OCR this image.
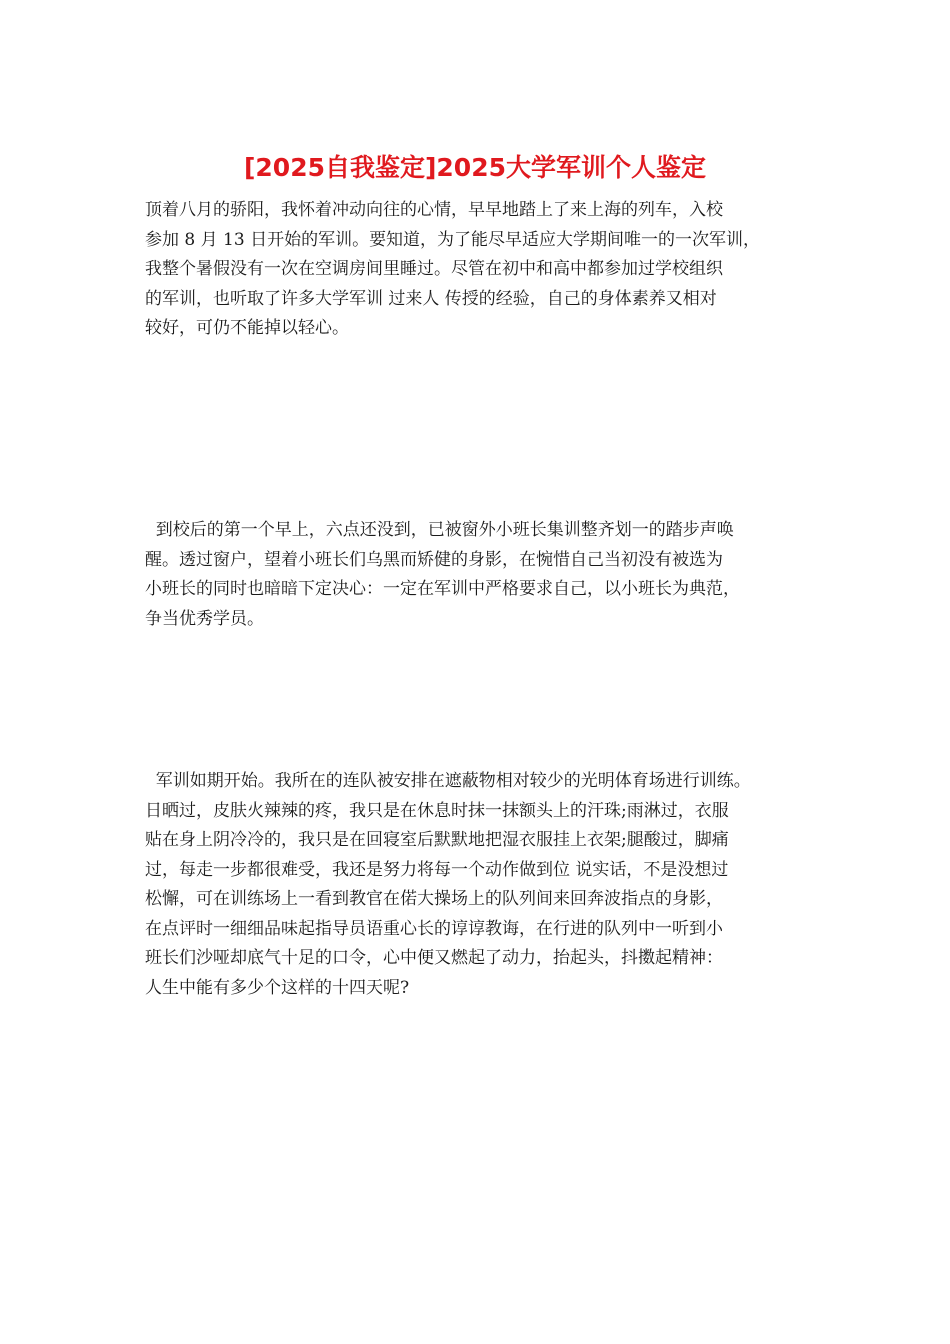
[2025自我鉴定]2025大学军训个人鉴定
顶着八月的骄阳，我怀着冲动向往的心情，早早地踏上了来上海的列车，入校
参加 8 月 13 日开始的军训。要知道，为了能尽早适应大学期间唯一的一次军训，
我整个暑假没有一次在空调房间里睡过。尽管在初中和高中都参加过学校组织
的军训，也听取了许多大学军训 过来人 传授的经验，自己的身体素养又相对
较好，可仍不能掉以轻心。
到校后的第一个早上，六点还没到，已被窗外小班长集训整齐划一的踏步声唤
醒。透过窗户，望着小班长们乌黑而矫健的身影，在惋惜自己当初没有被选为
小班长的同时也暗暗下定决心：一定在军训中严格要求自己，以小班长为典范，
争当优秀学员。
军训如期开始。我所在的连队被安排在遮蔽物相对较少的光明体育场进行训练。
日晒过，皮肤火辣辣的疼，我只是在休息时抹一抹额头上的汗珠;雨淋过，衣服
贴在身上阴冷冷的，我只是在回寝室后默默地把湿衣服挂上衣架;腿酸过，脚痛
过，每走一步都很难受，我还是努力将每一个动作做到位 说实话，不是没想过
松懈，可在训练场上一看到教官在偌大操场上的队列间来回奔波指点的身影，
在点评时一细细品味起指导员语重心长的谆谆教诲，在行进的队列中一听到小
班长们沙哑却底气十足的口令，心中便又燃起了动力，抬起头，抖擞起精神：
人生中能有多少个这样的十四天呢?
